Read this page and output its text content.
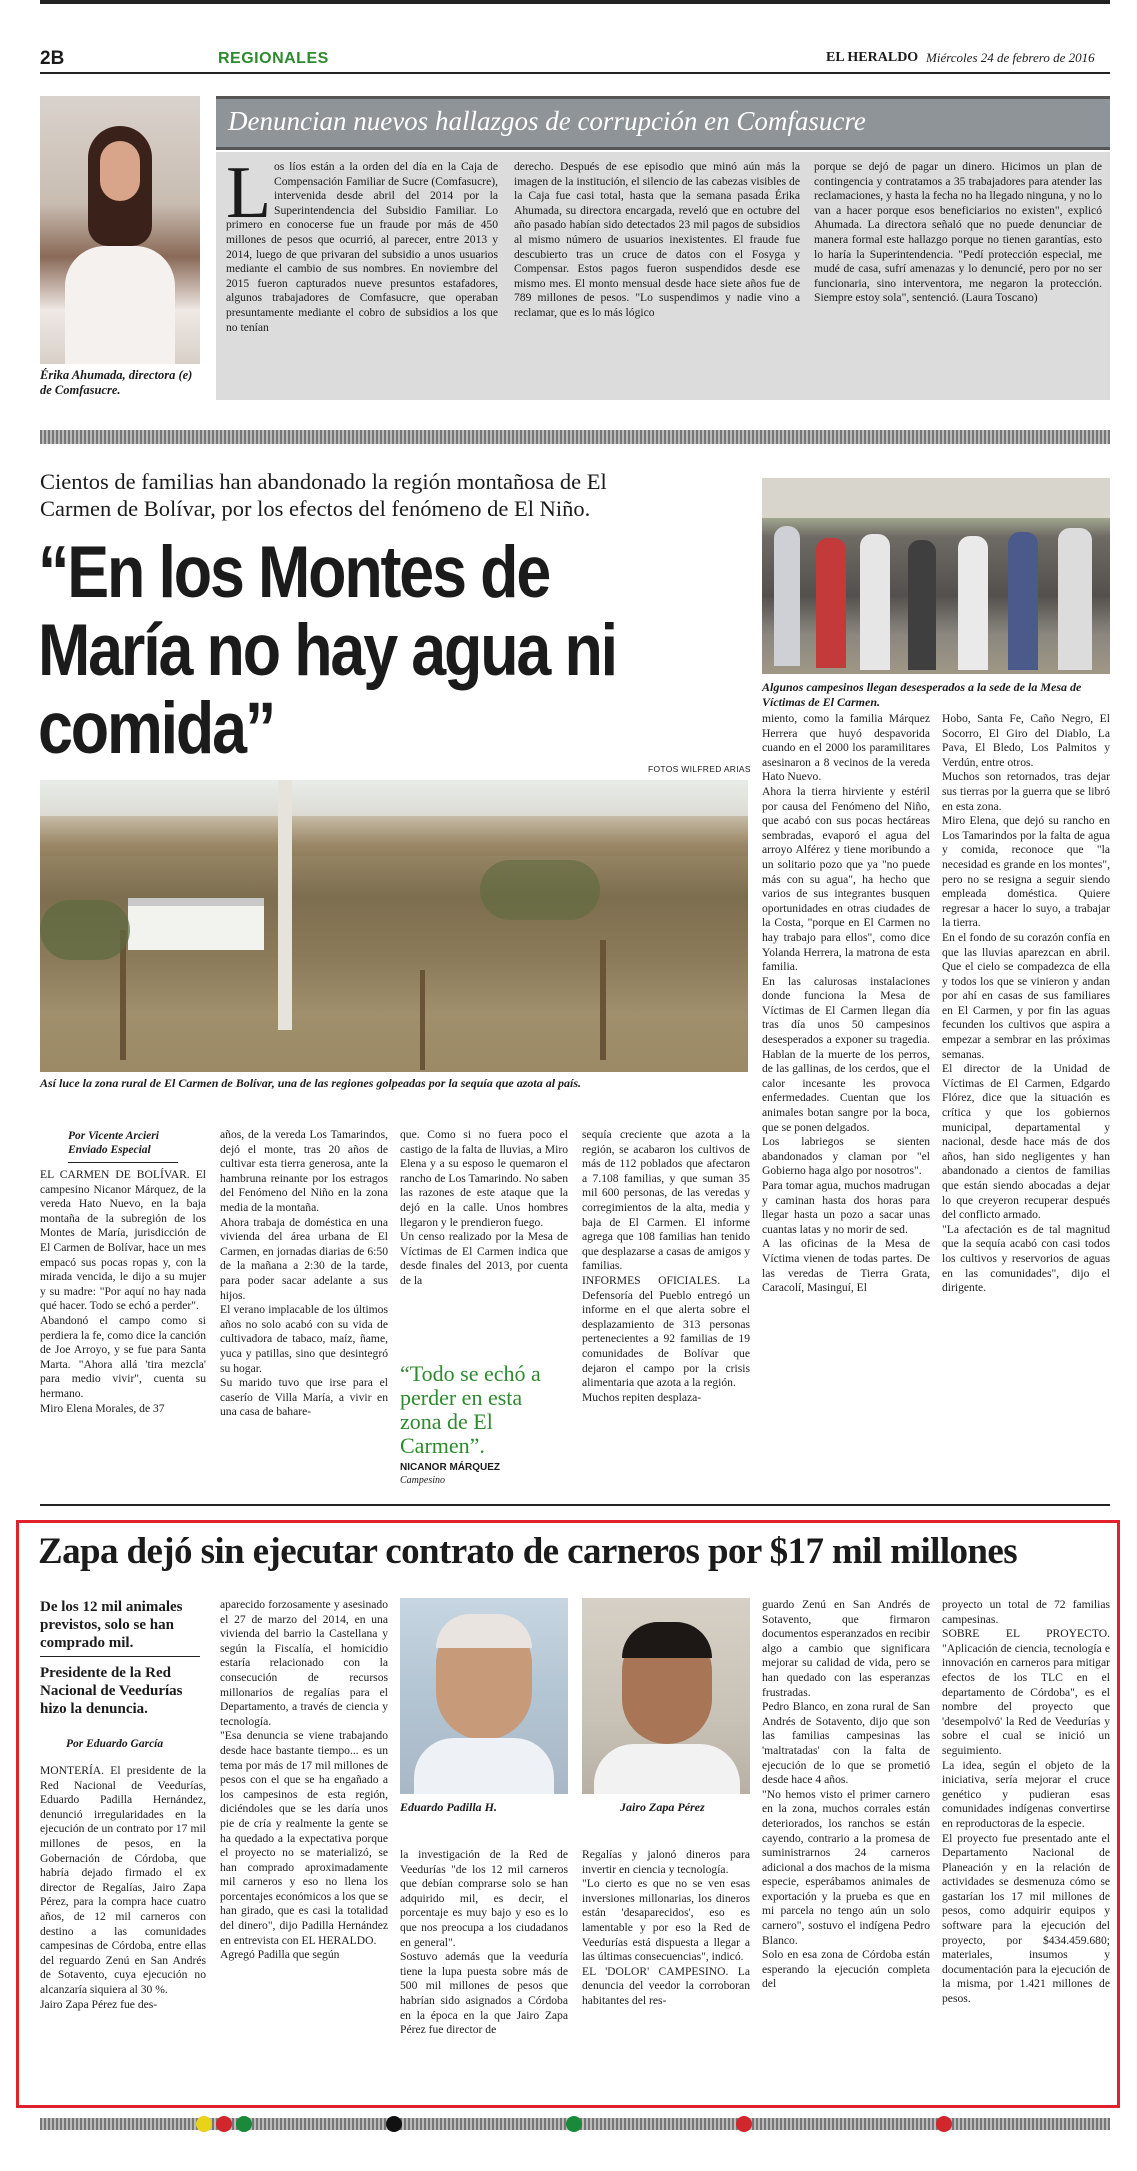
2B	REGIONALES	EL HERALDO Miércoles 24 de febrero de 2016
Érika Ahumada, directora (e) de Comfasucre.
Denuncian nuevos hallazgos de corrupción en Comfasucre
L os líos están a la orden del día en la Caja de Compensación Familiar de Sucre (Comfasucre), intervenida desde abril del 2014 por la Superintendencia del Subsidio Familiar. Lo primero en conocerse fue un fraude por más de 450 millones de pesos que ocurrió, al parecer, entre 2013 y 2014, luego de que privaran del subsidio a unos usuarios mediante el cambio de sus nombres. En noviembre del 2015 fueron capturados nueve presuntos estafadores, algunos trabajadores de Comfasucre, que operaban presuntamente mediante el cobro de subsidios a los que no tenían
derecho. Después de ese episodio que minó aún más la imagen de la institución, el silencio de las cabezas visibles de la Caja fue casi total, hasta que la semana pasada Érika Ahumada, su directora encargada, reveló que en octubre del año pasado habían sido detectados 23 mil pagos de subsidios al mismo número de usuarios inexistentes. El fraude fue descubierto tras un cruce de datos con el Fosyga y Compensar. Estos pagos fueron suspendidos desde ese mismo mes. El monto mensual desde hace siete años fue de 789 millones de pesos. "Lo suspendimos y nadie vino a reclamar, que es lo más lógico
porque se dejó de pagar un dinero. Hicimos un plan de contingencia y contratamos a 35 trabajadores para atender las reclamaciones, y hasta la fecha no ha llegado ninguna, y no lo van a hacer porque esos beneficiarios no existen", explicó Ahumada. La directora señaló que no puede denunciar de manera formal este hallazgo porque no tienen garantías, esto lo haría la Superintendencia. "Pedí protección especial, me mudé de casa, sufrí amenazas y lo denuncié, pero por no ser funcionaria, sino interventora, me negaron la protección. Siempre estoy sola", sentenció. (Laura Toscano)
Cientos de familias han abandonado la región montañosa de El Carmen de Bolívar, por los efectos del fenómeno de El Niño.
“En los Montes de María no hay agua ni comida”
Algunos campesinos llegan desesperados a la sede de la Mesa de Víctimas de El Carmen.
miento, como la familia Márquez Herrera que huyó despavorida cuando en el 2000 los paramilitares asesinaron a 8 vecinos de la vereda Hato Nuevo.
Ahora la tierra hirviente y estéril por causa del Fenómeno del Niño, que acabó con sus pocas hectáreas sembradas, evaporó el agua del arroyo Alférez y tiene moribundo a un solitario pozo que ya "no puede más con su agua", ha hecho que varios de sus integrantes busquen oportunidades en otras ciudades de la Costa, "porque en El Carmen no hay trabajo para ellos", como dice Yolanda Herrera, la matrona de esta familia.
En las calurosas instalaciones donde funciona la Mesa de Víctimas de El Carmen llegan día tras día unos 50 campesinos desesperados a exponer su tragedia. Hablan de la muerte de los perros, de las gallinas, de los cerdos, que el calor incesante les provoca enfermedades. Cuentan que los animales botan sangre por la boca, que se ponen delgados.
Los labriegos se sienten abandonados y claman por "el Gobierno haga algo por nosotros".
Para tomar agua, muchos madrugan y caminan hasta dos horas para llegar hasta un pozo a sacar unas cuantas latas y no morir de sed.
A las oficinas de la Mesa de Víctima vienen de todas partes. De las veredas de Tierra Grata, Caracolí, Masinguí, El
Hobo, Santa Fe, Caño Negro, El Socorro, El Giro del Diablo, La Pava, El Bledo, Los Palmitos y Verdún, entre otros.
Muchos son retornados, tras dejar sus tierras por la guerra que se libró en esta zona.
Miro Elena, que dejó su rancho en Los Tamarindos por la falta de agua y comida, reconoce que "la necesidad es grande en los montes", pero no se resigna a seguir siendo empleada doméstica. Quiere regresar a hacer lo suyo, a trabajar la tierra.
En el fondo de su corazón confía en que las lluvias aparezcan en abril. Que el cielo se compadezca de ella y todos los que se vinieron y andan por ahí en casas de sus familiares en El Carmen, y por fin las aguas fecunden los cultivos que aspira a empezar a sembrar en las próximas semanas.
El director de la Unidad de Víctimas de El Carmen, Edgardo Flórez, dice que la situación es crítica y que los gobiernos municipal, departamental y nacional, desde hace más de dos años, han sido negligentes y han abandonado a cientos de familias que están siendo abocadas a dejar lo que creyeron recuperar después del conflicto armado.
"La afectación es de tal magnitud que la sequía acabó con casi todos los cultivos y reservorios de aguas en las comunidades", dijo el dirigente.
FOTOS WILFRED ARIAS
Así luce la zona rural de El Carmen de Bolívar, una de las regiones golpeadas por la sequía que azota al país.
Por Vicente Arcieri
Enviado Especial
EL CARMEN DE BOLÍVAR. El campesino Nicanor Márquez, de la vereda Hato Nuevo, en la baja montaña de la subregión de los Montes de María, jurisdicción de El Carmen de Bolívar, hace un mes empacó sus pocas ropas y, con la mirada vencida, le dijo a su mujer y su madre: "Por aquí no hay nada qué hacer. Todo se echó a perder".
Abandonó el campo como si perdiera la fe, como dice la canción de Joe Arroyo, y se fue para Santa Marta. "Ahora allá 'tira mezcla' para medio vivir", cuenta su hermano.
Miro Elena Morales, de 37
años, de la vereda Los Tamarindos, dejó el monte, tras 20 años de cultivar esta tierra generosa, ante la hambruna reinante por los estragos del Fenómeno del Niño en la zona media de la montaña.
Ahora trabaja de doméstica en una vivienda del área urbana de El Carmen, en jornadas diarias de 6:50 de la mañana a 2:30 de la tarde, para poder sacar adelante a sus hijos.
El verano implacable de los últimos años no solo acabó con su vida de cultivadora de tabaco, maíz, ñame, yuca y patillas, sino que desintegró su hogar.
Su marido tuvo que irse para el caserío de Villa María, a vivir en una casa de bahare-
que. Como si no fuera poco el castigo de la falta de lluvias, a Miro Elena y a su esposo le quemaron el rancho de Los Tamarindo. No saben las razones de este ataque que la dejó en la calle. Unos hombres llegaron y le prendieron fuego.
Un censo realizado por la Mesa de Víctimas de El Carmen indica que desde finales del 2013, por cuenta de la
sequía creciente que azota a la región, se acabaron los cultivos de más de 112 poblados que afectaron a 7.108 familias, y que suman 35 mil 600 personas, de las veredas y corregimientos de la alta, media y baja de El Carmen. El informe agrega que 108 familias han tenido que desplazarse a casas de amigos y familias.
INFORMES OFICIALES. La Defensoría del Pueblo entregó un informe en el que alerta sobre el desplazamiento de 313 personas pertenecientes a 92 familias de 19 comunidades de Bolívar que dejaron el campo por la crisis alimentaria que azota a la región.
Muchos repiten desplaza-
“Todo se echó a perder en esta zona de El Carmen”.
NICANOR MÁRQUEZ
Campesino
Zapa dejó sin ejecutar contrato de carneros por $17 mil millones
De los 12 mil animales previstos, solo se han comprado mil.
Presidente de la Red Nacional de Veedurías hizo la denuncia.
Por Eduardo García
MONTERÍA. El presidente de la Red Nacional de Veedurías, Eduardo Padilla Hernández, denunció irregularidades en la ejecución de un contrato por 17 mil millones de pesos, en la Gobernación de Córdoba, que habría dejado firmado el ex director de Regalías, Jairo Zapa Pérez, para la compra hace cuatro años, de 12 mil carneros con destino a las comunidades campesinas de Córdoba, entre ellas del reguardo Zenú en San Andrés de Sotavento, cuya ejecución no alcanzaría siquiera al 30 %.
Jairo Zapa Pérez fue des-
aparecido forzosamente y asesinado el 27 de marzo del 2014, en una vivienda del barrio la Castellana y según la Fiscalía, el homicidio estaría relacionado con la consecución de recursos millonarios de regalías para el Departamento, a través de ciencia y tecnología.
"Esa denuncia se viene trabajando desde hace bastante tiempo... es un tema por más de 17 mil millones de pesos con el que se ha engañado a los campesinos de esta región, diciéndoles que se les daría unos pie de cría y realmente la gente se ha quedado a la expectativa porque el proyecto no se materializó, se han comprado aproximadamente mil carneros y eso no llena los porcentajes económicos a los que se han girado, que es casi la totalidad del dinero", dijo Padilla Hernández en entrevista con EL HERALDO.
Agregó Padilla que según
Eduardo Padilla H.	Jairo Zapa Pérez
la investigación de la Red de Veedurías "de los 12 mil carneros que debían comprarse solo se han adquirido mil, es decir, el porcentaje es muy bajo y eso es lo que nos preocupa a los ciudadanos en general".
Sostuvo además que la veeduría tiene la lupa puesta sobre más de 500 mil millones de pesos que habrían sido asignados a Córdoba en la época en la que Jairo Zapa Pérez fue director de
Regalías y jalonó dineros para invertir en ciencia y tecnología.
"Lo cierto es que no se ven esas inversiones millonarias, los dineros están 'desaparecidos', eso es lamentable y por eso la Red de Veedurías está dispuesta a llegar a las últimas consecuencias", indicó.
EL 'DOLOR' CAMPESINO. La denuncia del veedor la corroboran habitantes del res-
guardo Zenú en San Andrés de Sotavento, que firmaron documentos esperanzados en recibir algo a cambio que significara mejorar su calidad de vida, pero se han quedado con las esperanzas frustradas.
Pedro Blanco, en zona rural de San Andrés de Sotavento, dijo que son las familias campesinas las 'maltratadas' con la falta de ejecución de lo que se prometió desde hace 4 años.
"No hemos visto el primer carnero en la zona, muchos corrales están deteriorados, los ranchos se están cayendo, contrario a la promesa de suministrarnos 24 carneros adicional a dos machos de la misma especie, esperábamos animales de exportación y la prueba es que en mi parcela no tengo aún un solo carnero", sostuvo el indígena Pedro Blanco.
Solo en esa zona de Córdoba están esperando la ejecución completa del
proyecto un total de 72 familias campesinas.
SOBRE EL PROYECTO. "Aplicación de ciencia, tecnología e innovación en carneros para mitigar efectos de los TLC en el departamento de Córdoba", es el nombre del proyecto que 'desempolvó' la Red de Veedurías y sobre el cual se inició un seguimiento.
La idea, según el objeto de la iniciativa, sería mejorar el cruce genético y pudieran esas comunidades indígenas convertirse en reproductoras de la especie.
El proyecto fue presentado ante el Departamento Nacional de Planeación y en la relación de actividades se desmenuza cómo se gastarían los 17 mil millones de pesos, como adquirir equipos y software para la ejecución del proyecto, por $434.459.680; materiales, insumos y documentación para la ejecución de la misma, por 1.421 millones de pesos.
